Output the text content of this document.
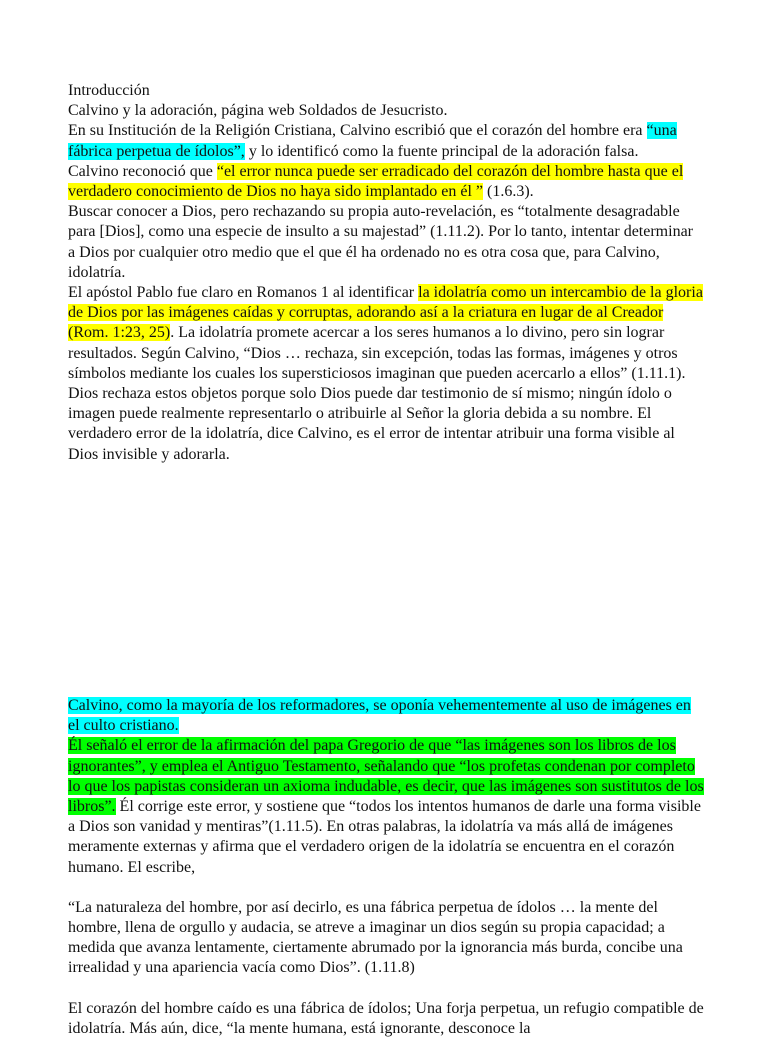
Introducción

Calvino y la adoración, página web Soldados de Jesucristo.

En su Institución de la Religión Cristiana, Calvino escribió que el corazón del hombre era “una fábrica perpetua de ídolos”, y lo identificó como la fuente principal de la adoración falsa.

Calvino reconoció que “el error nunca puede ser erradicado del corazón del hombre hasta que el verdadero conocimiento de Dios no haya sido implantado en él ” (1.6.3).

Buscar conocer a Dios, pero rechazando su propia auto-revelación, es “totalmente desagradable para [Dios], como una especie de insulto a su majestad” (1.11.2). Por lo tanto, intentar determinar a Dios por cualquier otro medio que el que él ha ordenado no es otra cosa que, para Calvino, idolatría.

El apóstol Pablo fue claro en Romanos 1 al identificar la idolatría como un intercambio de la gloria de Dios por las imágenes caídas y corruptas, adorando así a la criatura en lugar de al Creador (Rom. 1:23, 25). La idolatría promete acercar a los seres humanos a lo divino, pero sin lograr resultados. Según Calvino, “Dios … rechaza, sin excepción, todas las formas, imágenes y otros símbolos mediante los cuales los supersticiosos imaginan que pueden acercarlo a ellos” (1.11.1).

Dios rechaza estos objetos porque solo Dios puede dar testimonio de sí mismo; ningún ídolo o imagen puede realmente representarlo o atribuirle al Señor la gloria debida a su nombre. El verdadero error de la idolatría, dice Calvino, es el error de intentar atribuir una forma visible al Dios invisible y adorarla.

Calvino, como la mayoría de los reformadores, se oponía vehementemente al uso de imágenes en el culto cristiano.

Él señaló el error de la afirmación del papa Gregorio de que “las imágenes son los libros de los ignorantes”, y emplea el Antiguo Testamento, señalando que “los profetas condenan por completo lo que los papistas consideran un axioma indudable, es decir, que las imágenes son sustitutos de los libros”. Él corrige este error, y sostiene que “todos los intentos humanos de darle una forma visible a Dios son vanidad y mentiras”(1.11.5). En otras palabras, la idolatría va más allá de imágenes meramente externas y afirma que el verdadero origen de la idolatría se encuentra en el corazón humano. El escribe,

“La naturaleza del hombre, por así decirlo, es una fábrica perpetua de ídolos … la mente del hombre, llena de orgullo y audacia, se atreve a imaginar un dios según su propia capacidad; a medida que avanza lentamente, ciertamente abrumado por la ignorancia más burda, concibe una irrealidad y una apariencia vacía como Dios”. (1.11.8)

El corazón del hombre caído es una fábrica de ídolos; Una forja perpetua, un refugio compatible de idolatría. Más aún, dice, “la mente humana, está ignorante, desconoce la
